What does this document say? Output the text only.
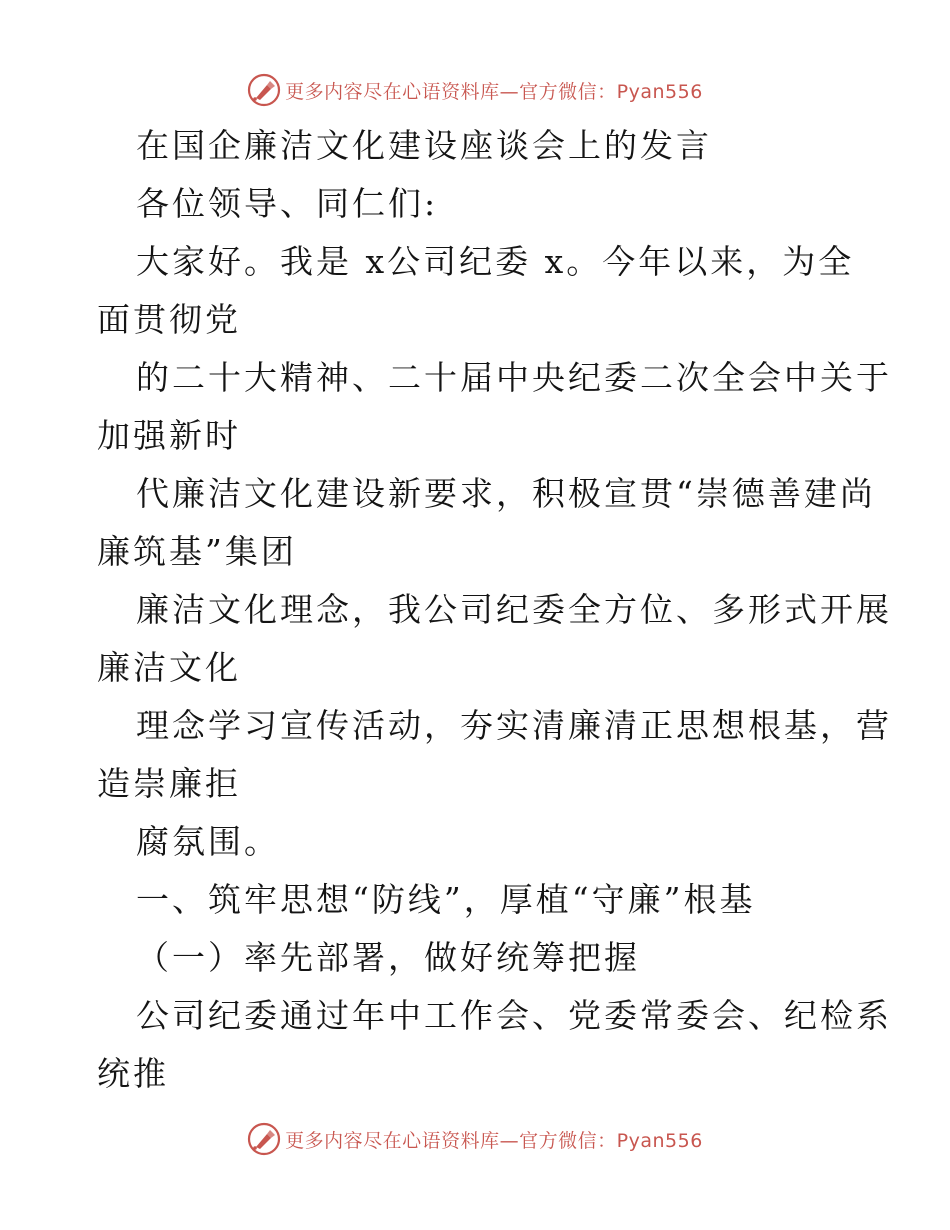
更多内容尽在心语资料库—官方微信：Pyan556
在国企廉洁文化建设座谈会上的发言
各位领导、同仁们:
大家好。我是 x公司纪委 x。今年以来，为全
面贯彻党
的二十大精神、二十届中央纪委二次全会中关于
加强新时
代廉洁文化建设新要求，积极宣贯“崇德善建尚
廉筑基”集团
廉洁文化理念，我公司纪委全方位、多形式开展
廉洁文化
理念学习宣传活动，夯实清廉清正思想根基，营
造崇廉拒
腐氛围。
一、筑牢思想“防线”，厚植“守廉”根基
（一）率先部署，做好统筹把握
公司纪委通过年中工作会、党委常委会、纪检系
统推
更多内容尽在心语资料库—官方微信：Pyan556
